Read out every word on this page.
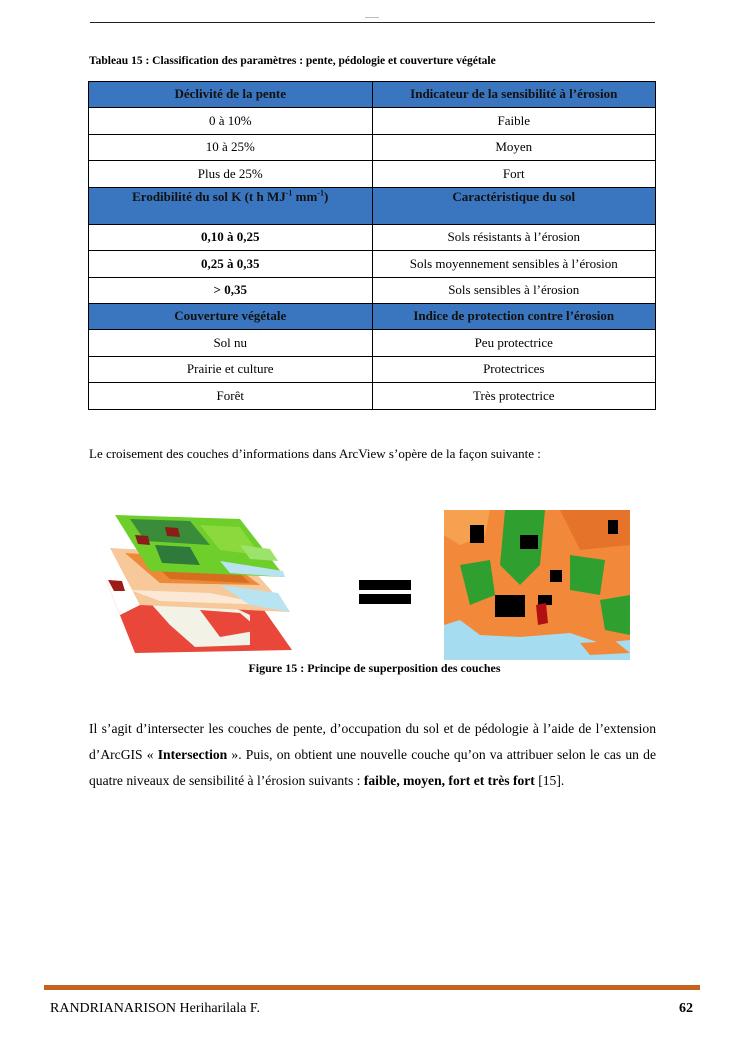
Tableau 15 : Classification des paramètres : pente, pédologie et couverture végétale
Déclivité de la pente	Indicateur de la sensibilité à l’érosion
0 à 10%	Faible
10 à 25%	Moyen
Plus de 25%	Fort
Erodibilité du sol K (t h $MJ^{-1}$ $mm^{-1}$)	Caractéristique du sol
0,10 à 0,25	Sols résistants à l’érosion
0,25 à 0,35	Sols moyennement sensibles à l’érosion
> 0,35	Sols sensibles à l’érosion
Couverture végétale	Indice de protection contre l’érosion
Sol nu	Peu protectrice
Prairie et culture	Protectrices
Forêt	Très protectrice
Le croisement des couches d’informations dans ArcView s’opère de la façon suivante :
Figure 15 : Principe de superposition des couches

Il s’agit d’intersecter les couches de pente, d’occupation du sol et de pédologie à l’aide de l’extension d’ArcGIS « Intersection ». Puis, on obtient une nouvelle couche qu’on va attribuer selon le cas un de quatre niveaux de sensibilité à l’érosion suivants : faible, moyen, fort et très fort [15].

RANDRIANARISON Heriharilala F.	62
